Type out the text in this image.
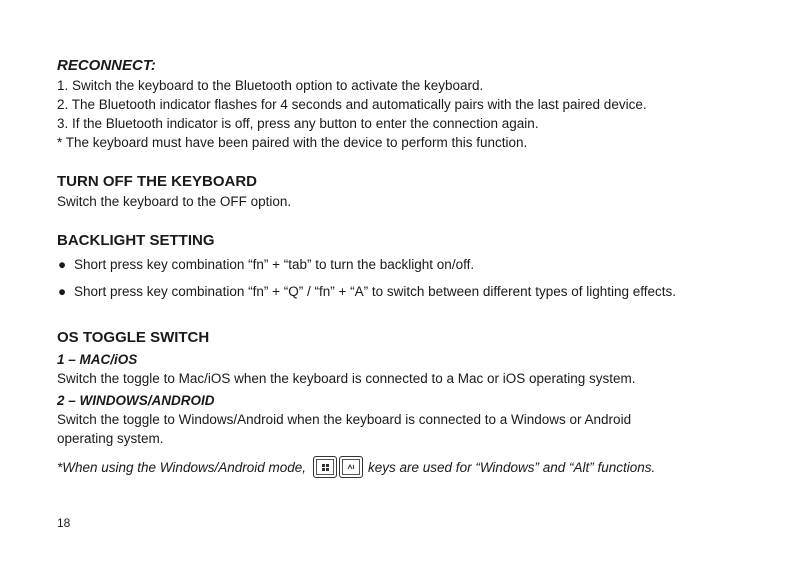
RECONNECT:

1. Switch the keyboard to the Bluetooth option to activate the keyboard.

2. The Bluetooth indicator flashes for 4 seconds and automatically pairs with the last paired device.

3. If the Bluetooth indicator is off, press any button to enter the connection again.

* The keyboard must have been paired with the device to perform this function.

TURN OFF THE KEYBOARD

Switch the keyboard to the OFF option.

BACKLIGHT SETTING

● Short press key combination “fn” + “tab” to turn the backlight on/off.
● Short press key combination “fn” + “Q” / “fn” + “A” to switch between different types of lighting effects.

OS TOGGLE SWITCH

1 – MAC/iOS

Switch the toggle to Mac/iOS when the keyboard is connected to a Mac or iOS operating system.

2 – WINDOWS/ANDROID

Switch the toggle to Windows/Android when the keyboard is connected to a Windows or Android

operating system.

*When using the Windows/Android mode,	keys are used for “Windows” and “Alt” functions.
18
